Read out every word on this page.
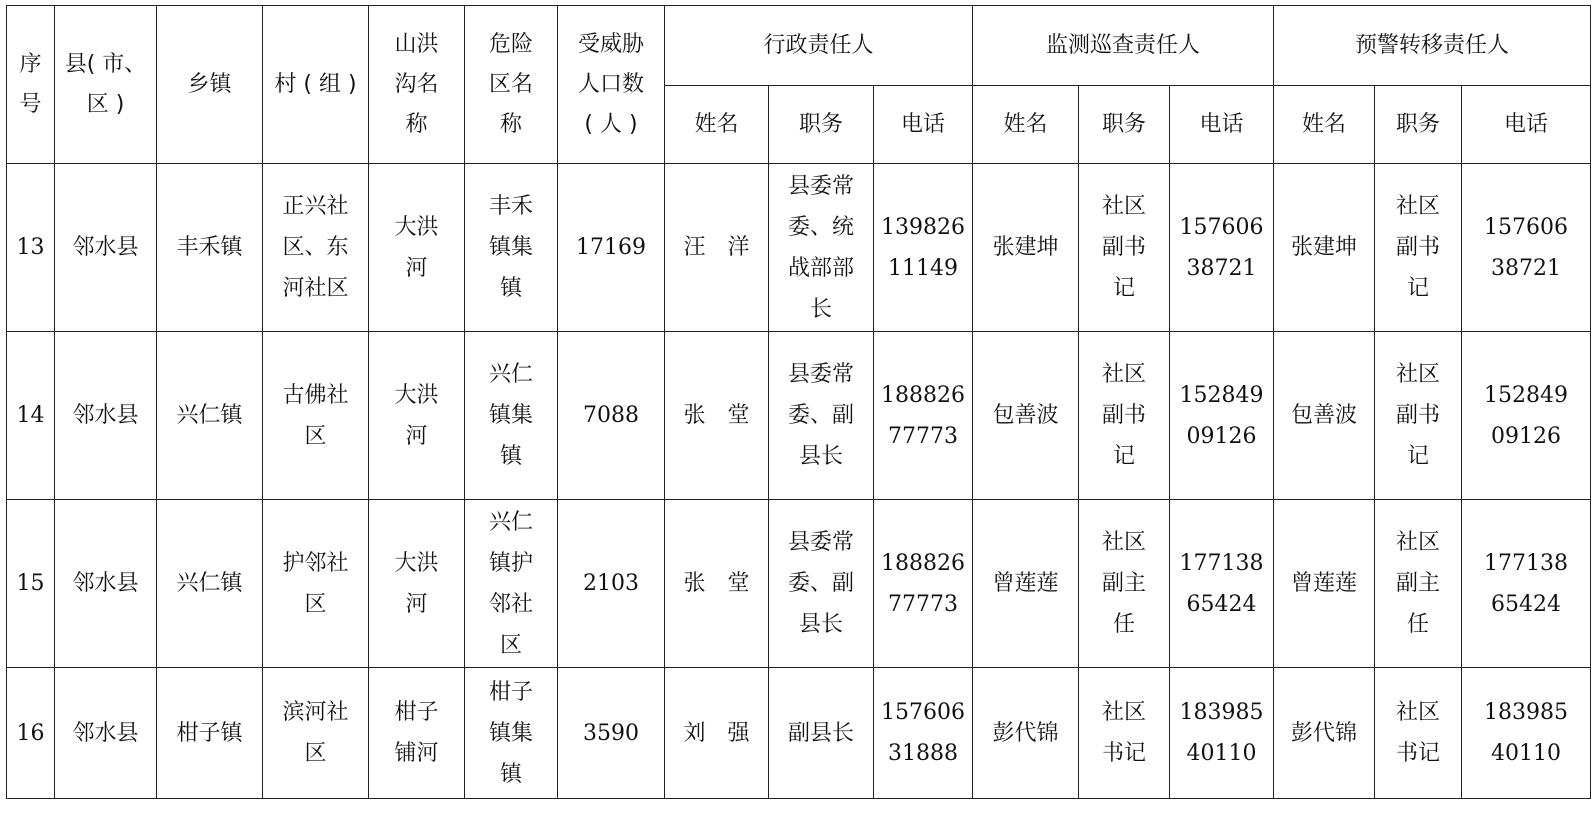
序
号	县( 市、
区 )	乡镇	村 ( 组 )	山洪
沟名
称	危险
区名
称	受威胁
人口数
( 人 )	行政责任人			监测巡查责任人			预警转移责任人		
							姓名	职务	电话	姓名	职务	电话	姓名	职务	电话
13	邻水县	丰禾镇	正兴社
区、东
河社区	大洪
河	丰禾
镇集
镇	17169	汪　洋	县委常
委、统
战部部
长	139826
11149	张建坤	社区
副书
记	157606
38721	张建坤	社区
副书
记	157606
38721
14	邻水县	兴仁镇	古佛社
区	大洪
河	兴仁
镇集
镇	7088	张　堂	县委常
委、副
县长	188826
77773	包善波	社区
副书
记	152849
09126	包善波	社区
副书
记	152849
09126
15	邻水县	兴仁镇	护邻社
区	大洪
河	兴仁
镇护
邻社
区	2103	张　堂	县委常
委、副
县长	188826
77773	曾莲莲	社区
副主
任	177138
65424	曾莲莲	社区
副主
任	177138
65424
16	邻水县	柑子镇	滨河社
区	柑子
铺河	柑子
镇集
镇	3590	刘　强	副县长	157606
31888	彭代锦	社区
书记	183985
40110	彭代锦	社区
书记	183985
40110
